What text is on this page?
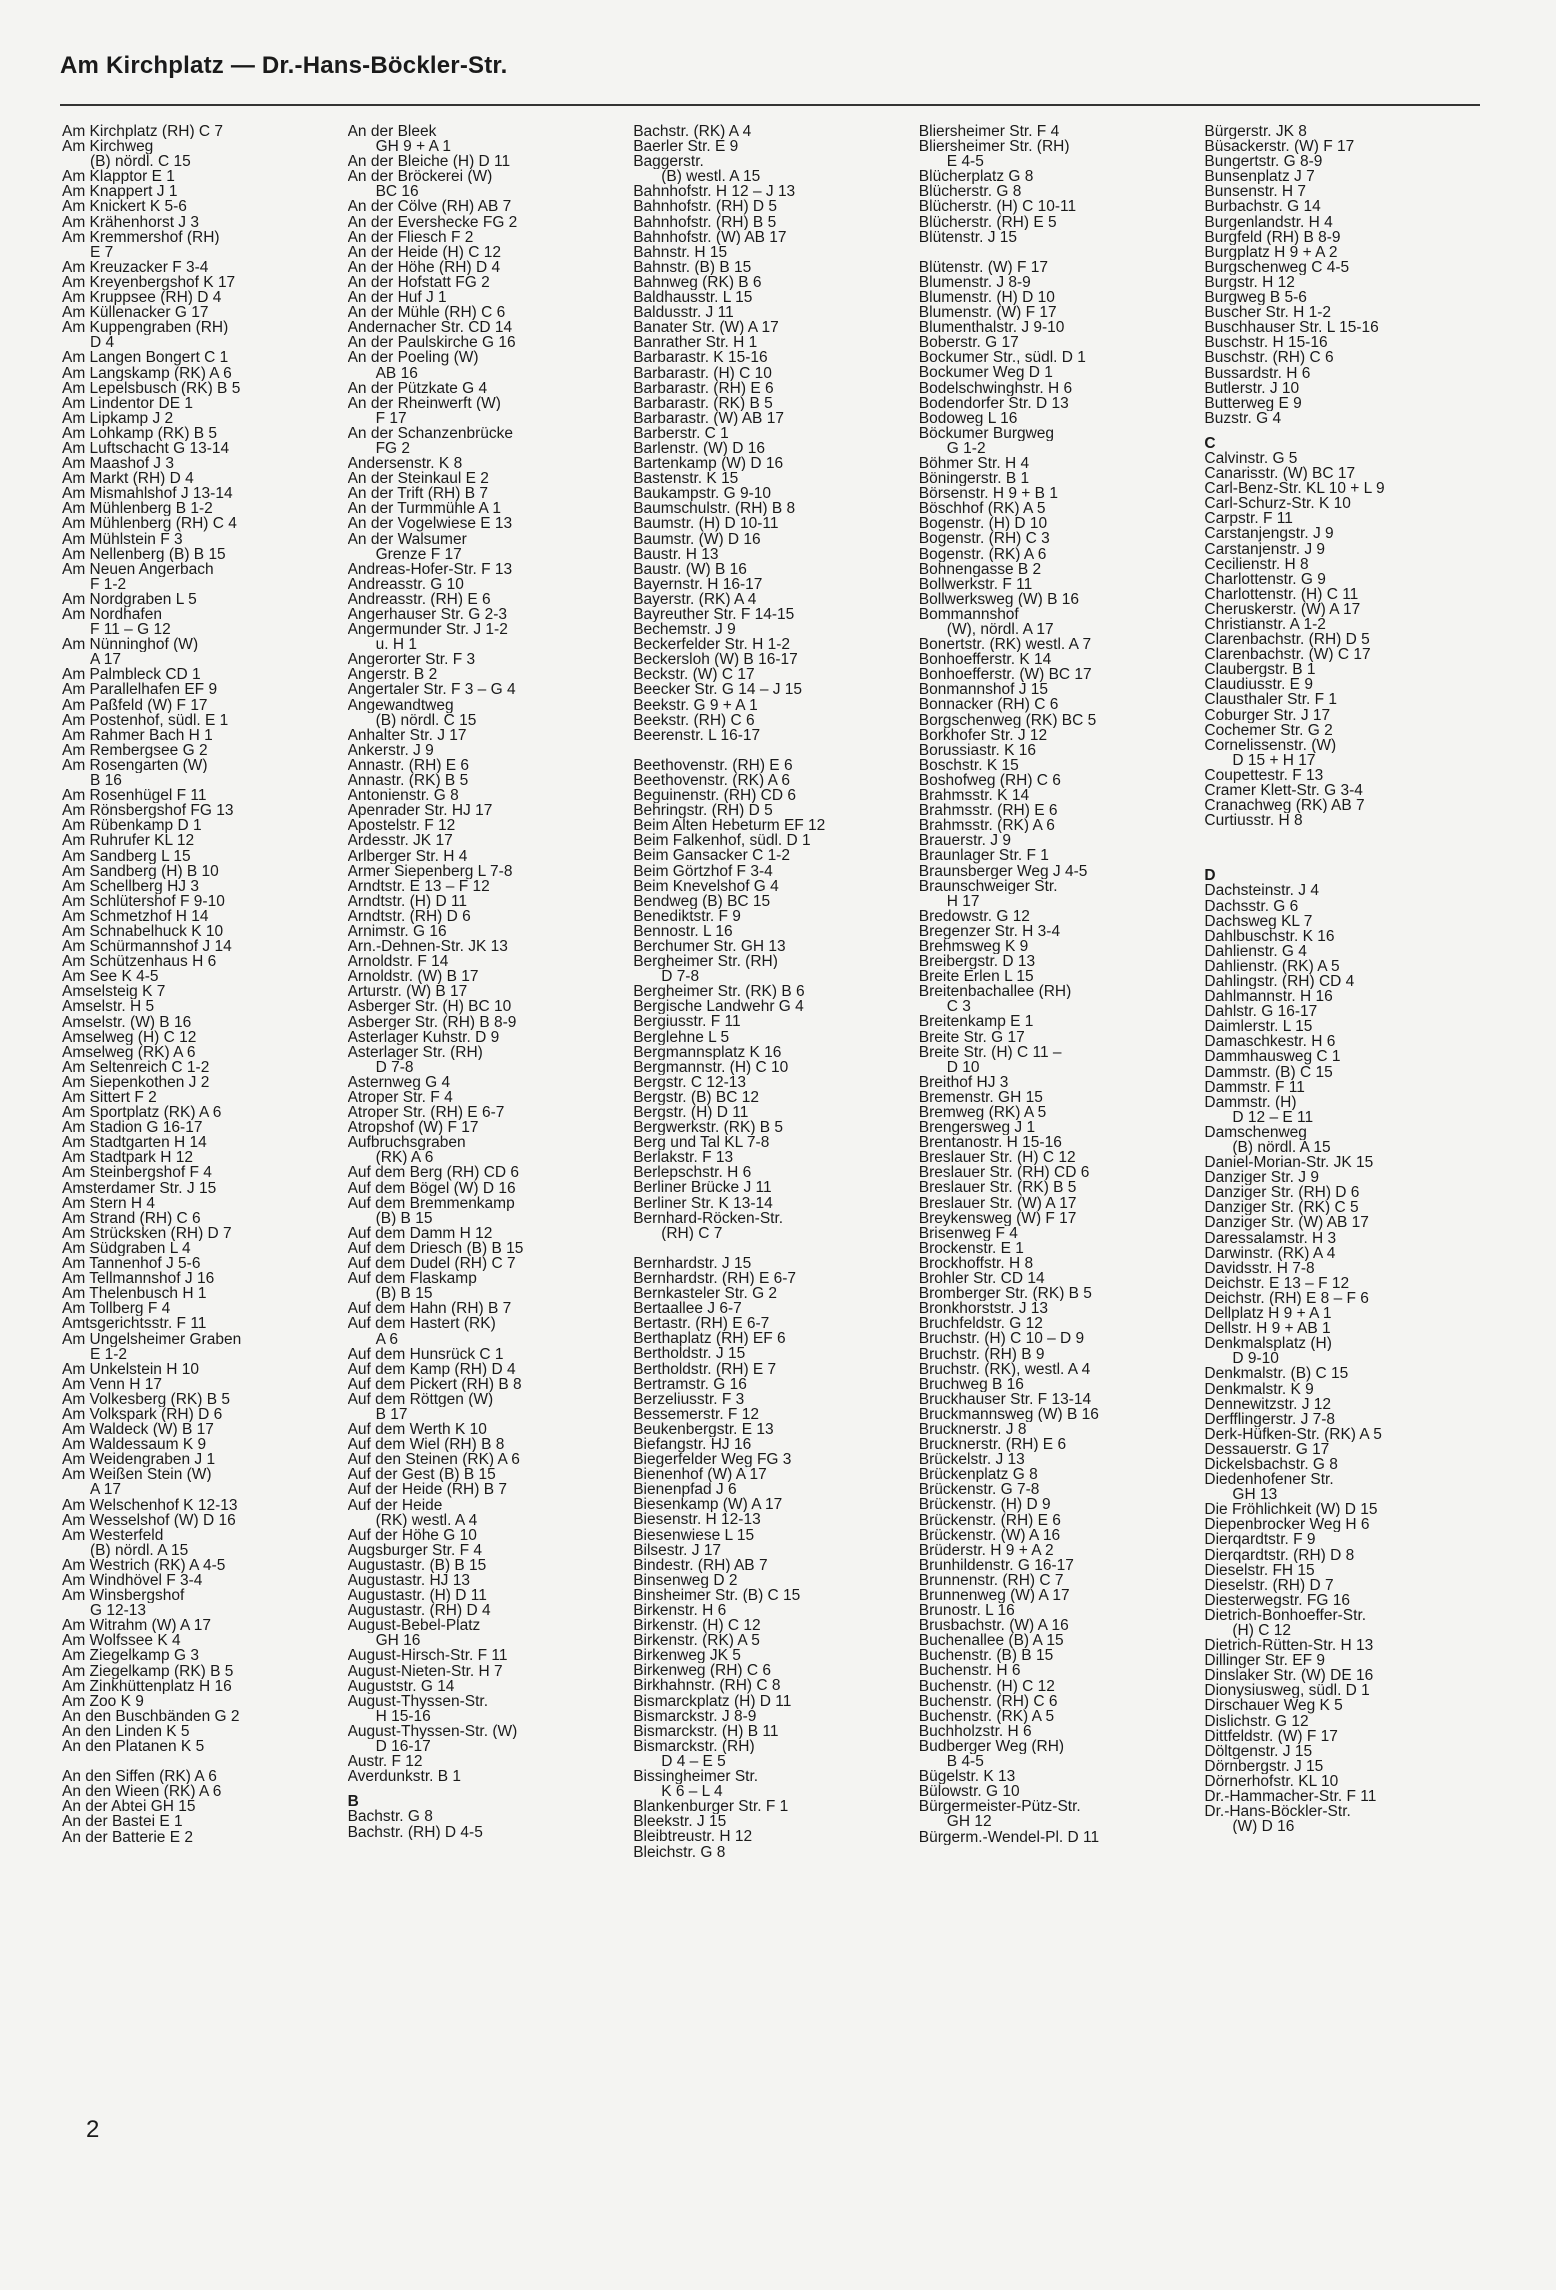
Am Kirchplatz — Dr.-Hans-Böckler-Str.
Am Kirchplatz (RH) C 7
Am Kirchweg
(B) nördl. C 15
Am Klapptor E 1
Am Knappert J 1
Am Knickert K 5-6
Am Krähenhorst J 3
Am Kremmershof (RH)
E 7
Am Kreuzacker F 3-4
Am Kreyenbergshof K 17
Am Kruppsee (RH) D 4
Am Küllenacker G 17
Am Kuppengraben (RH)
D 4
Am Langen Bongert C 1
Am Langskamp (RK) A 6
Am Lepelsbusch (RK) B 5
Am Lindentor DE 1
Am Lipkamp J 2
Am Lohkamp (RK) B 5
Am Luftschacht G 13-14
Am Maashof J 3
Am Markt (RH) D 4
Am Mismahlshof J 13-14
Am Mühlenberg B 1-2
Am Mühlenberg (RH) C 4
Am Mühlstein F 3
Am Nellenberg (B) B 15
Am Neuen Angerbach
F 1-2
Am Nordgraben L 5
Am Nordhafen
F 11 – G 12
Am Nünninghof (W)
A 17
Am Palmbleck CD 1
Am Parallelhafen EF 9
Am Paßfeld (W) F 17
Am Postenhof, südl. E 1
Am Rahmer Bach H 1
Am Rembergsee G 2
Am Rosengarten (W)
B 16
Am Rosenhügel F 11
Am Rönsbergshof FG 13
Am Rübenkamp D 1
Am Ruhrufer KL 12
Am Sandberg L 15
Am Sandberg (H) B 10
Am Schellberg HJ 3
Am Schlütershof F 9-10
Am Schmetzhof H 14
Am Schnabelhuck K 10
Am Schürmannshof J 14
Am Schützenhaus H 6
Am See K 4-5
Amselsteig K 7
Amselstr. H 5
Amselstr. (W) B 16
Amselweg (H) C 12
Amselweg (RK) A 6
Am Seltenreich C 1-2
Am Siepenkothen J 2
Am Sittert F 2
Am Sportplatz (RK) A 6
Am Stadion G 16-17
Am Stadtgarten H 14
Am Stadtpark H 12
Am Steinbergshof F 4
Amsterdamer Str. J 15
Am Stern H 4
Am Strand (RH) C 6
Am Strücksken (RH) D 7
Am Südgraben L 4
Am Tannenhof J 5-6
Am Tellmannshof J 16
Am Thelenbusch H 1
Am Tollberg F 4
Amtsgerichtsstr. F 11
Am Ungelsheimer Graben
E 1-2
Am Unkelstein H 10
Am Venn H 17
Am Volkesberg (RK) B 5
Am Volkspark (RH) D 6
Am Waldeck (W) B 17
Am Waldessaum K 9
Am Weidengraben J 1
Am Weißen Stein (W)
A 17
Am Welschenhof K 12-13
Am Wesselshof (W) D 16
Am Westerfeld
(B) nördl. A 15
Am Westrich (RK) A 4-5
Am Windhövel F 3-4
Am Winsbergshof
G 12-13
Am Witrahm (W) A 17
Am Wolfssee K 4
Am Ziegelkamp G 3
Am Ziegelkamp (RK) B 5
Am Zinkhüttenplatz H 16
Am Zoo K 9
An den Buschbänden G 2
An den Linden K 5
An den Platanen K 5
An den Siffen (RK) A 6
An den Wieen (RK) A 6
An der Abtei GH 15
An der Bastei E 1
An der Batterie E 2
An der Bleek
GH 9 + A 1
An der Bleiche (H) D 11
An der Bröckerei (W)
BC 16
An der Cölve (RH) AB 7
An der Evershecke FG 2
An der Fliesch F 2
An der Heide (H) C 12
An der Höhe (RH) D 4
An der Hofstatt FG 2
An der Huf J 1
An der Mühle (RH) C 6
Andernacher Str. CD 14
An der Paulskirche G 16
An der Poeling (W)
AB 16
An der Pützkate G 4
An der Rheinwerft (W)
F 17
An der Schanzenbrücke
FG 2
Andersenstr. K 8
An der Steinkaul E 2
An der Trift (RH) B 7
An der Turmmühle A 1
An der Vogelwiese E 13
An der Walsumer
Grenze F 17
Andreas-Hofer-Str. F 13
Andreasstr. G 10
Andreasstr. (RH) E 6
Angerhauser Str. G 2-3
Angermunder Str. J 1-2
u. H 1
Angerorter Str. F 3
Angerstr. B 2
Angertaler Str. F 3 – G 4
Angewandtweg
(B) nördl. C 15
Anhalter Str. J 17
Ankerstr. J 9
Annastr. (RH) E 6
Annastr. (RK) B 5
Antonienstr. G 8
Apenrader Str. HJ 17
Apostelstr. F 12
Ardesstr. JK 17
Arlberger Str. H 4
Armer Siepenberg L 7-8
Arndtstr. E 13 – F 12
Arndtstr. (H) D 11
Arndtstr. (RH) D 6
Arnimstr. G 16
Arn.-Dehnen-Str. JK 13
Arnoldstr. F 14
Arnoldstr. (W) B 17
Arturstr. (W) B 17
Asberger Str. (H) BC 10
Asberger Str. (RH) B 8-9
Asterlager Kuhstr. D 9
Asterlager Str. (RH)
D 7-8
Asternweg G 4
Atroper Str. F 4
Atroper Str. (RH) E 6-7
Atropshof (W) F 17
Aufbruchsgraben
(RK) A 6
Auf dem Berg (RH) CD 6
Auf dem Bögel (W) D 16
Auf dem Bremmenkamp
(B) B 15
Auf dem Damm H 12
Auf dem Driesch (B) B 15
Auf dem Dudel (RH) C 7
Auf dem Flaskamp
(B) B 15
Auf dem Hahn (RH) B 7
Auf dem Hastert (RK)
A 6
Auf dem Hunsrück C 1
Auf dem Kamp (RH) D 4
Auf dem Pickert (RH) B 8
Auf dem Röttgen (W)
B 17
Auf dem Werth K 10
Auf dem Wiel (RH) B 8
Auf den Steinen (RK) A 6
Auf der Gest (B) B 15
Auf der Heide (RH) B 7
Auf der Heide
(RK) westl. A 4
Auf der Höhe G 10
Augsburger Str. F 4
Augustastr. (B) B 15
Augustastr. HJ 13
Augustastr. (H) D 11
Augustastr. (RH) D 4
August-Bebel-Platz
GH 16
August-Hirsch-Str. F 11
August-Nieten-Str. H 7
Auguststr. G 14
August-Thyssen-Str.
H 15-16
August-Thyssen-Str. (W)
D 16-17
Austr. F 12
Averdunkstr. B 1
B
Bachstr. G 8
Bachstr. (RH) D 4-5
Bachstr. (RK) A 4
Baerler Str. E 9
Baggerstr.
(B) westl. A 15
Bahnhofstr. H 12 – J 13
Bahnhofstr. (RH) D 5
Bahnhofstr. (RH) B 5
Bahnhofstr. (W) AB 17
Bahnstr. H 15
Bahnstr. (B) B 15
Bahnweg (RK) B 6
Baldhausstr. L 15
Baldusstr. J 11
Banater Str. (W) A 17
Banrather Str. H 1
Barbarastr. K 15-16
Barbarastr. (H) C 10
Barbarastr. (RH) E 6
Barbarastr. (RK) B 5
Barbarastr. (W) AB 17
Barberstr. C 1
Barlenstr. (W) D 16
Bartenkamp (W) D 16
Bastenstr. K 15
Baukampstr. G 9-10
Baumschulstr. (RH) B 8
Baumstr. (H) D 10-11
Baumstr. (W) D 16
Baustr. H 13
Baustr. (W) B 16
Bayernstr. H 16-17
Bayerstr. (RK) A 4
Bayreuther Str. F 14-15
Bechemstr. J 9
Beckerfelder Str. H 1-2
Beckersloh (W) B 16-17
Beckstr. (W) C 17
Beecker Str. G 14 – J 15
Beekstr. G 9 + A 1
Beekstr. (RH) C 6
Beerenstr. L 16-17
Beethovenstr. (RH) E 6
Beethovenstr. (RK) A 6
Beguinenstr. (RH) CD 6
Behringstr. (RH) D 5
Beim Alten Hebeturm EF 12
Beim Falkenhof, südl. D 1
Beim Gansacker C 1-2
Beim Görtzhof F 3-4
Beim Knevelshof G 4
Bendweg (B) BC 15
Benediktstr. F 9
Bennostr. L 16
Berchumer Str. GH 13
Bergheimer Str. (RH)
D 7-8
Bergheimer Str. (RK) B 6
Bergische Landwehr G 4
Bergiusstr. F 11
Berglehne L 5
Bergmannsplatz K 16
Bergmannstr. (H) C 10
Bergstr. C 12-13
Bergstr. (B) BC 12
Bergstr. (H) D 11
Bergwerkstr. (RK) B 5
Berg und Tal KL 7-8
Berlakstr. F 13
Berlepschstr. H 6
Berliner Brücke J 11
Berliner Str. K 13-14
Bernhard-Röcken-Str.
(RH) C 7
Bernhardstr. J 15
Bernhardstr. (RH) E 6-7
Bernkasteler Str. G 2
Bertaallee J 6-7
Bertastr. (RH) E 6-7
Berthaplatz (RH) EF 6
Bertholdstr. J 15
Bertholdstr. (RH) E 7
Bertramstr. G 16
Berzeliusstr. F 3
Bessemerstr. F 12
Beukenbergstr. E 13
Biefangstr. HJ 16
Biegerfelder Weg FG 3
Bienenhof (W) A 17
Bienenpfad J 6
Biesenkamp (W) A 17
Biesenstr. H 12-13
Biesenwiese L 15
Bilsestr. J 17
Bindestr. (RH) AB 7
Binsenweg D 2
Binsheimer Str. (B) C 15
Birkenstr. H 6
Birkenstr. (H) C 12
Birkenstr. (RK) A 5
Birkenweg JK 5
Birkenweg (RH) C 6
Birkhahnstr. (RH) C 8
Bismarckplatz (H) D 11
Bismarckstr. J 8-9
Bismarckstr. (H) B 11
Bismarckstr. (RH)
D 4 – E 5
Bissingheimer Str.
K 6 – L 4
Blankenburger Str. F 1
Bleekstr. J 15
Bleibtreustr. H 12
Bleichstr. G 8
Bliersheimer Str. F 4
Bliersheimer Str. (RH)
E 4-5
Blücherplatz G 8
Blücherstr. G 8
Blücherstr. (H) C 10-11
Blücherstr. (RH) E 5
Blütenstr. J 15
Blütenstr. (W) F 17
Blumenstr. J 8-9
Blumenstr. (H) D 10
Blumenstr. (W) F 17
Blumenthalstr. J 9-10
Boberstr. G 17
Bockumer Str., südl. D 1
Bockumer Weg D 1
Bodelschwinghstr. H 6
Bodendorfer Str. D 13
Bodoweg L 16
Böckumer Burgweg
G 1-2
Böhmer Str. H 4
Böningerstr. B 1
Börsenstr. H 9 + B 1
Böschhof (RK) A 5
Bogenstr. (H) D 10
Bogenstr. (RH) C 3
Bogenstr. (RK) A 6
Bohnengasse B 2
Bollwerkstr. F 11
Bollwerksweg (W) B 16
Bommannshof
(W), nördl. A 17
Bonertstr. (RK) westl. A 7
Bonhoefferstr. K 14
Bonhoefferstr. (W) BC 17
Bonmannshof J 15
Bonnacker (RH) C 6
Borgschenweg (RK) BC 5
Borkhofer Str. J 12
Borussiastr. K 16
Boschstr. K 15
Boshofweg (RH) C 6
Brahmsstr. K 14
Brahmsstr. (RH) E 6
Brahmsstr. (RK) A 6
Brauerstr. J 9
Braunlager Str. F 1
Braunsberger Weg J 4-5
Braunschweiger Str.
H 17
Bredowstr. G 12
Bregenzer Str. H 3-4
Brehmsweg K 9
Breibergstr. D 13
Breite Erlen L 15
Breitenbachallee (RH)
C 3
Breitenkamp E 1
Breite Str. G 17
Breite Str. (H) C 11 –
D 10
Breithof HJ 3
Bremenstr. GH 15
Bremweg (RK) A 5
Brengersweg J 1
Brentanostr. H 15-16
Breslauer Str. (H) C 12
Breslauer Str. (RH) CD 6
Breslauer Str. (RK) B 5
Breslauer Str. (W) A 17
Breykensweg (W) F 17
Brisenweg F 4
Brockenstr. E 1
Brockhoffstr. H 8
Brohler Str. CD 14
Bromberger Str. (RK) B 5
Bronkhorststr. J 13
Bruchfeldstr. G 12
Bruchstr. (H) C 10 – D 9
Bruchstr. (RH) B 9
Bruchstr. (RK), westl. A 4
Bruchweg B 16
Bruckhauser Str. F 13-14
Bruckmannsweg (W) B 16
Brucknerstr. J 8
Brucknerstr. (RH) E 6
Brückelstr. J 13
Brückenplatz G 8
Brückenstr. G 7-8
Brückenstr. (H) D 9
Brückenstr. (RH) E 6
Brückenstr. (W) A 16
Brüderstr. H 9 + A 2
Brunhildenstr. G 16-17
Brunnenstr. (RH) C 7
Brunnenweg (W) A 17
Brunostr. L 16
Brusbachstr. (W) A 16
Buchenallee (B) A 15
Buchenstr. (B) B 15
Buchenstr. H 6
Buchenstr. (H) C 12
Buchenstr. (RH) C 6
Buchenstr. (RK) A 5
Buchholzstr. H 6
Budberger Weg (RH)
B 4-5
Bügelstr. K 13
Bülowstr. G 10
Bürgermeister-Pütz-Str.
GH 12
Bürgerm.-Wendel-Pl. D 11
Bürgerstr. JK 8
Büsackerstr. (W) F 17
Bungertstr. G 8-9
Bunsenplatz J 7
Bunsenstr. H 7
Burbachstr. G 14
Burgenlandstr. H 4
Burgfeld (RH) B 8-9
Burgplatz H 9 + A 2
Burgschenweg C 4-5
Burgstr. H 12
Burgweg B 5-6
Buscher Str. H 1-2
Buschhauser Str. L 15-16
Buschstr. H 15-16
Buschstr. (RH) C 6
Bussardstr. H 6
Butlerstr. J 10
Butterweg E 9
Buzstr. G 4
C
Calvinstr. G 5
Canarisstr. (W) BC 17
Carl-Benz-Str. KL 10 + L 9
Carl-Schurz-Str. K 10
Carpstr. F 11
Carstanjengstr. J 9
Carstanjenstr. J 9
Cecilienstr. H 8
Charlottenstr. G 9
Charlottenstr. (H) C 11
Cheruskerstr. (W) A 17
Christianstr. A 1-2
Clarenbachstr. (RH) D 5
Clarenbachstr. (W) C 17
Claubergstr. B 1
Claudiusstr. E 9
Clausthaler Str. F 1
Coburger Str. J 17
Cochemer Str. G 2
Cornelissenstr. (W)
D 15 + H 17
Coupettestr. F 13
Cramer Klett-Str. G 3-4
Cranachweg (RK) AB 7
Curtiusstr. H 8
D
Dachsteinstr. J 4
Dachsstr. G 6
Dachsweg KL 7
Dahlbuschstr. K 16
Dahlienstr. G 4
Dahlienstr. (RK) A 5
Dahlingstr. (RH) CD 4
Dahlmannstr. H 16
Dahlstr. G 16-17
Daimlerstr. L 15
Damaschkestr. H 6
Dammhausweg C 1
Dammstr. (B) C 15
Dammstr. F 11
Dammstr. (H)
D 12 – E 11
Damschenweg
(B) nördl. A 15
Daniel-Morian-Str. JK 15
Danziger Str. J 9
Danziger Str. (RH) D 6
Danziger Str. (RK) C 5
Danziger Str. (W) AB 17
Daressalamstr. H 3
Darwinstr. (RK) A 4
Davidsstr. H 7-8
Deichstr. E 13 – F 12
Deichstr. (RH) E 8 – F 6
Dellplatz H 9 + A 1
Dellstr. H 9 + AB 1
Denkmalsplatz (H)
D 9-10
Denkmalstr. (B) C 15
Denkmalstr. K 9
Dennewitzstr. J 12
Derfflingerstr. J 7-8
Derk-Hüfken-Str. (RK) A 5
Dessauerstr. G 17
Dickelsbachstr. G 8
Diedenhofener Str.
GH 13
Die Fröhlichkeit (W) D 15
Diepenbrocker Weg H 6
Dierqardtstr. F 9
Dierqardtstr. (RH) D 8
Dieselstr. FH 15
Dieselstr. (RH) D 7
Diesterwegstr. FG 16
Dietrich-Bonhoeffer-Str.
(H) C 12
Dietrich-Rütten-Str. H 13
Dillinger Str. EF 9
Dinslaker Str. (W) DE 16
Dionysiusweg, südl. D 1
Dirschauer Weg K 5
Dislichstr. G 12
Dittfeldstr. (W) F 17
Döltgenstr. J 15
Dörnbergstr. J 15
Dörnerhofstr. KL 10
Dr.-Hammacher-Str. F 11
Dr.-Hans-Böckler-Str.
(W) D 16
2
